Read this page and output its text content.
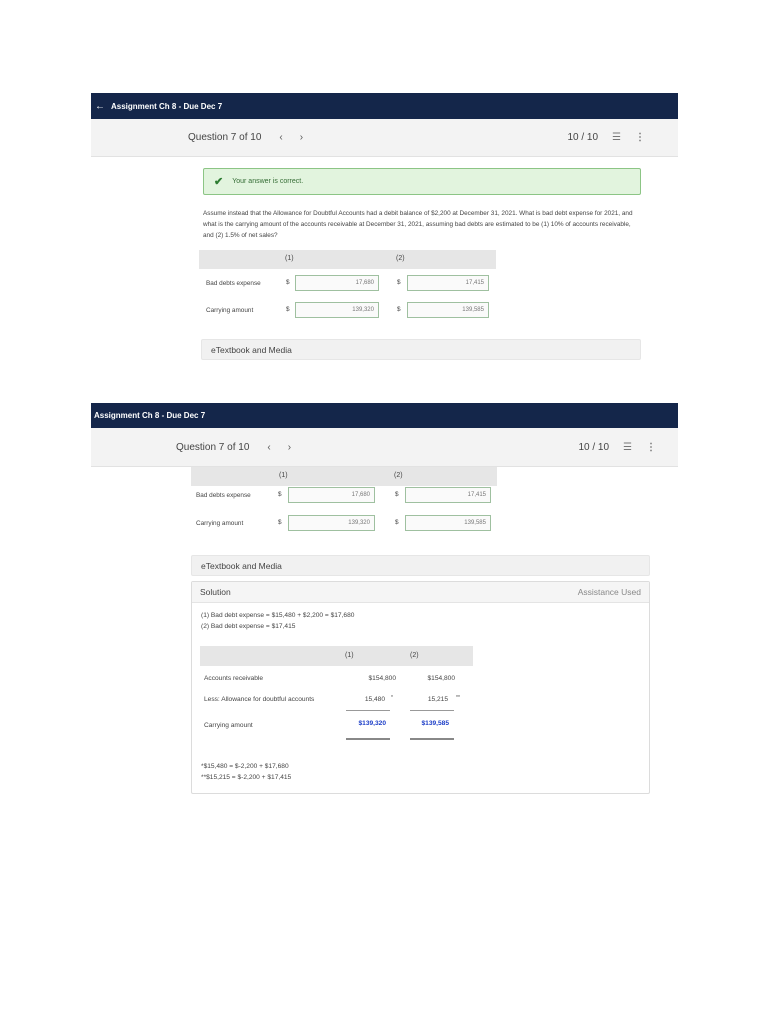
← Assignment Ch 8 - Due Dec 7
Question 7 of 10 ‹ ›	10 / 10 ☰ ⋮
✔ Your answer is correct.
Assume instead that the Allowance for Doubtful Accounts had a debit balance of $2,200 at December 31, 2021. What is bad debt expense for 2021, and what is the carrying amount of the accounts receivable at December 31, 2021, assuming bad debts are estimated to be (1) 10% of accounts receivable, and (2) 1.5% of net sales?
(1)	(2)
Bad debts expense	$	17,680	$	17,415
Carrying amount	$	139,320	$	139,585
eTextbook and Media
Assignment Ch 8 - Due Dec 7
Question 7 of 10 ‹ ›	10 / 10 ☰ ⋮
(1)	(2)
Bad debts expense	$	17,680	$	17,415
Carrying amount	$	139,320	$	139,585
eTextbook and Media
Solution	Assistance Used
(1) Bad debt expense = $15,480 + $2,200 = $17,680
(2) Bad debt expense = $17,415
(1)	(2)
Accounts receivable	$154,800	$154,800
Less: Allowance for doubtful accounts	15,480 *	15,215 **
Carrying amount	$139,320	$139,585
*$15,480 = $-2,200 + $17,680
**$15,215 = $-2,200 + $17,415
